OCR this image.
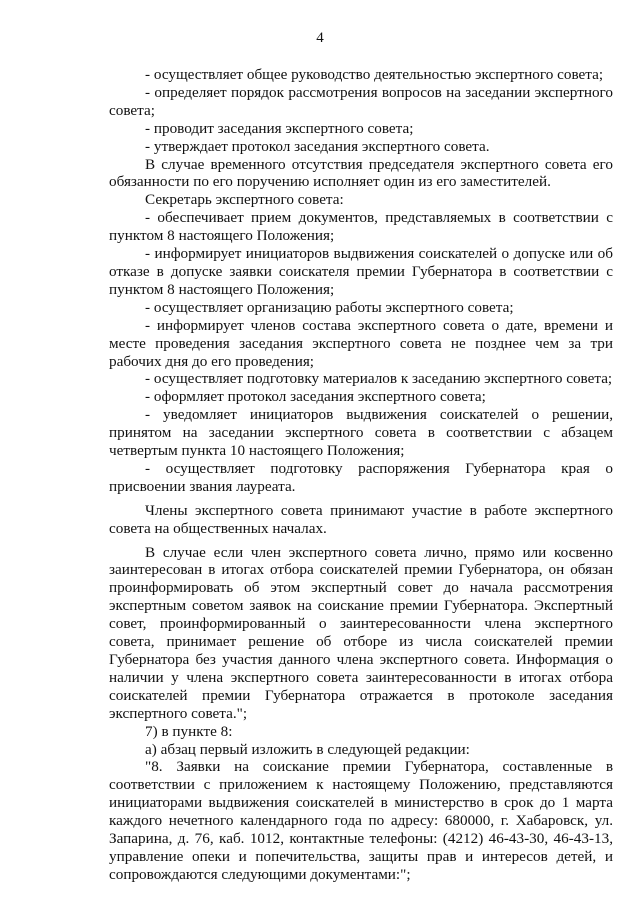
4

- осуществляет общее руководство деятельностью экспертного совета;

- определяет порядок рассмотрения вопросов на заседании экспертного совета;

- проводит заседания экспертного совета;

- утверждает протокол заседания экспертного совета.

В случае временного отсутствия председателя экспертного совета его обязанности по его поручению исполняет один из его заместителей.

Секретарь экспертного совета:

- обеспечивает прием документов, представляемых в соответствии с пунктом 8 настоящего Положения;

- информирует инициаторов выдвижения соискателей о допуске или об отказе в допуске заявки соискателя премии Губернатора в соответствии с пунктом 8 настоящего Положения;

- осуществляет организацию работы экспертного совета;

- информирует членов состава экспертного совета о дате, времени и месте проведения заседания экспертного совета не позднее чем за три рабочих дня до его проведения;

- осуществляет подготовку материалов к заседанию экспертного совета;

- оформляет протокол заседания экспертного совета;

- уведомляет инициаторов выдвижения соискателей о решении, принятом на заседании экспертного совета в соответствии с абзацем четвертым пункта 10 настоящего Положения;

- осуществляет подготовку распоряжения Губернатора края о присвоении звания лауреата.

Члены экспертного совета принимают участие в работе экспертного совета на общественных началах.

В случае если член экспертного совета лично, прямо или косвенно заинтересован в итогах отбора соискателей премии Губернатора, он обязан проинформировать об этом экспертный совет до начала рассмотрения экспертным советом заявок на соискание премии Губернатора. Экспертный совет, проинформированный о заинтересованности члена экспертного совета, принимает решение об отборе из числа соискателей премии Губернатора без участия данного члена экспертного совета. Информация о наличии у члена экспертного совета заинтересованности в итогах отбора соискателей премии Губернатора отражается в протоколе заседания экспертного совета.";

7) в пункте 8:

а) абзац первый изложить в следующей редакции:

"8. Заявки на соискание премии Губернатора, составленные в соответствии с приложением к настоящему Положению, представляются инициаторами выдвижения соискателей в министерство в срок до 1 марта каждого нечетного календарного года по адресу: 680000, г. Хабаровск, ул. Запарина, д. 76, каб. 1012, контактные телефоны: (4212) 46-43-30, 46-43-13, управление опеки и попечительства, защиты прав и интересов детей, и сопровождаются следующими документами:";
